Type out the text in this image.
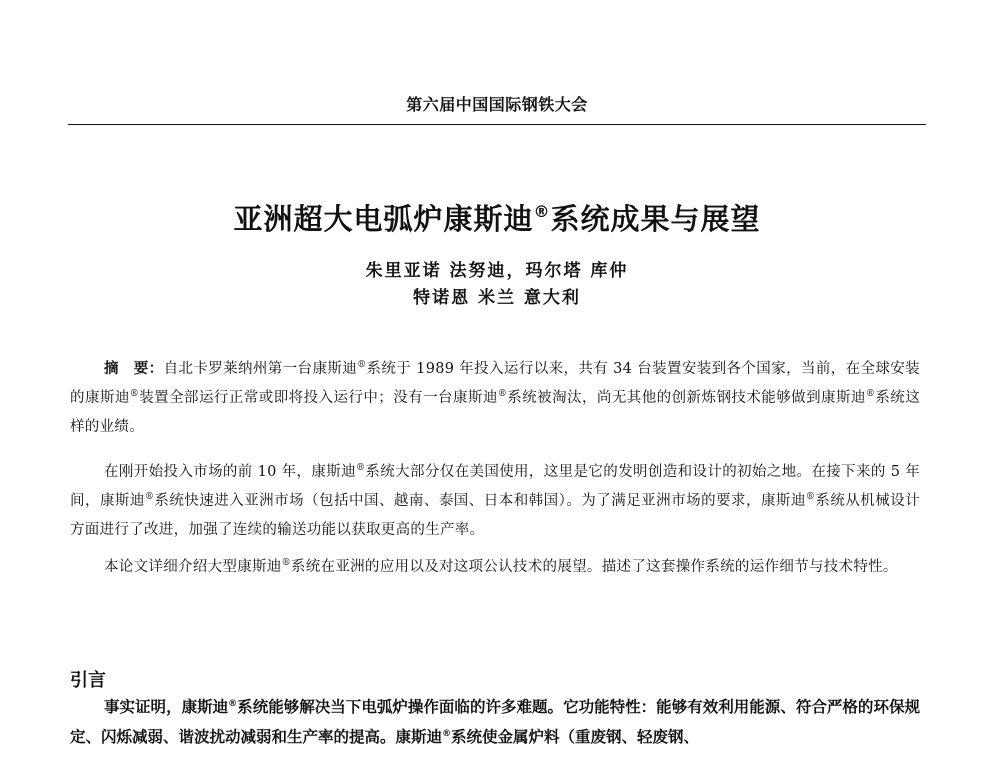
第六届中国国际钢铁大会
亚洲超大电弧炉康斯迪®系统成果与展望
朱里亚诺 法努迪，玛尔塔 库仲
特诺恩 米兰 意大利
摘　要：自北卡罗莱纳州第一台康斯迪®系统于 1989 年投入运行以来，共有 34 台装置安装到各个国家，当前，在全球安装的康斯迪®装置全部运行正常或即将投入运行中；没有一台康斯迪®系统被淘汰，尚无其他的创新炼钢技术能够做到康斯迪®系统这样的业绩。
在刚开始投入市场的前 10 年，康斯迪®系统大部分仅在美国使用，这里是它的发明创造和设计的初始之地。在接下来的 5 年间，康斯迪®系统快速进入亚洲市场（包括中国、越南、泰国、日本和韩国）。为了满足亚洲市场的要求，康斯迪®系统从机械设计方面进行了改进，加强了连续的输送功能以获取更高的生产率。
本论文详细介绍大型康斯迪®系统在亚洲的应用以及对这项公认技术的展望。描述了这套操作系统的运作细节与技术特性。
引言
事实证明，康斯迪®系统能够解决当下电弧炉操作面临的许多难题。它功能特性：能够有效利用能源、符合严格的环保规定、闪烁减弱、谐波扰动减弱和生产率的提高。康斯迪®系统使金属炉料（重废钢、轻废钢、
